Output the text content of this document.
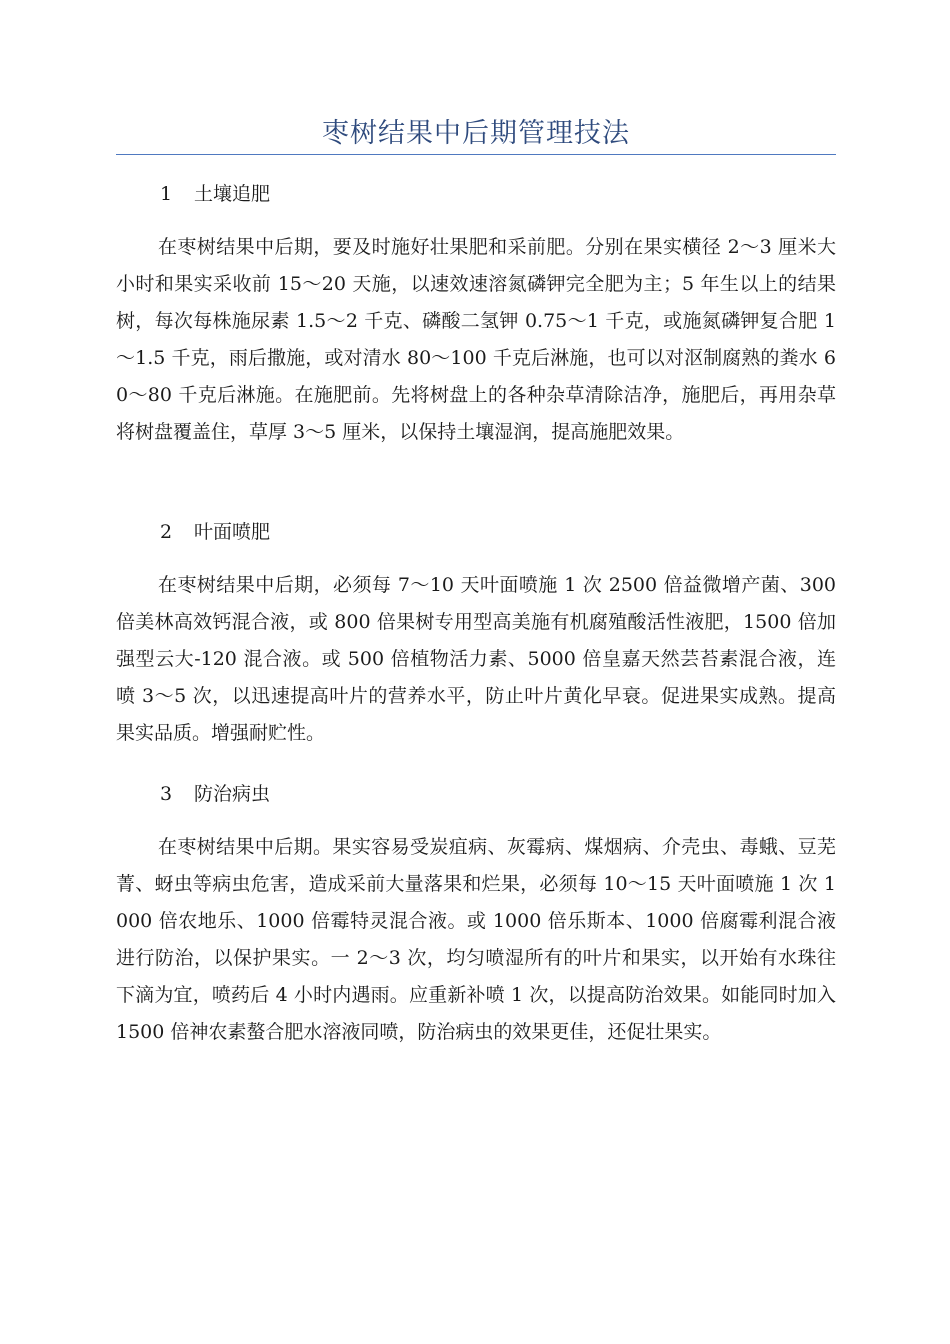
枣树结果中后期管理技法
1 土壤追肥
在枣树结果中后期，要及时施好壮果肥和采前肥。分别在果实横径 2～3 厘米大小时和果实采收前 15～20 天施，以速效速溶氮磷钾完全肥为主；5 年生以上的结果树，每次每株施尿素 1.5～2 千克、磷酸二氢钾 0.75～1 千克，或施氮磷钾复合肥 1～1.5 千克，雨后撒施，或对清水 80～100 千克后淋施，也可以对沤制腐熟的粪水 60～80 千克后淋施。在施肥前。先将树盘上的各种杂草清除洁净，施肥后，再用杂草将树盘覆盖住，草厚 3～5 厘米，以保持土壤湿润，提高施肥效果。
2 叶面喷肥
在枣树结果中后期，必须每 7～10 天叶面喷施 1 次 2500 倍益微增产菌、300 倍美林高效钙混合液，或 800 倍果树专用型高美施有机腐殖酸活性液肥，1500 倍加强型云大-120 混合液。或 500 倍植物活力素、5000 倍皇嘉天然芸苔素混合液，连喷 3～5 次，以迅速提高叶片的营养水平，防止叶片黄化早衰。促进果实成熟。提高果实品质。增强耐贮性。
3 防治病虫
在枣树结果中后期。果实容易受炭疽病、灰霉病、煤烟病、介壳虫、毒蛾、豆芜菁、蚜虫等病虫危害，造成采前大量落果和烂果，必须每 10～15 天叶面喷施 1 次 1000 倍农地乐、1000 倍霉特灵混合液。或 1000 倍乐斯本、1000 倍腐霉利混合液进行防治，以保护果实。一 2～3 次，均匀喷湿所有的叶片和果实，以开始有水珠往下滴为宜，喷药后 4 小时内遇雨。应重新补喷 1 次，以提高防治效果。如能同时加入 1500 倍神农素螯合肥水溶液同喷，防治病虫的效果更佳，还促壮果实。
